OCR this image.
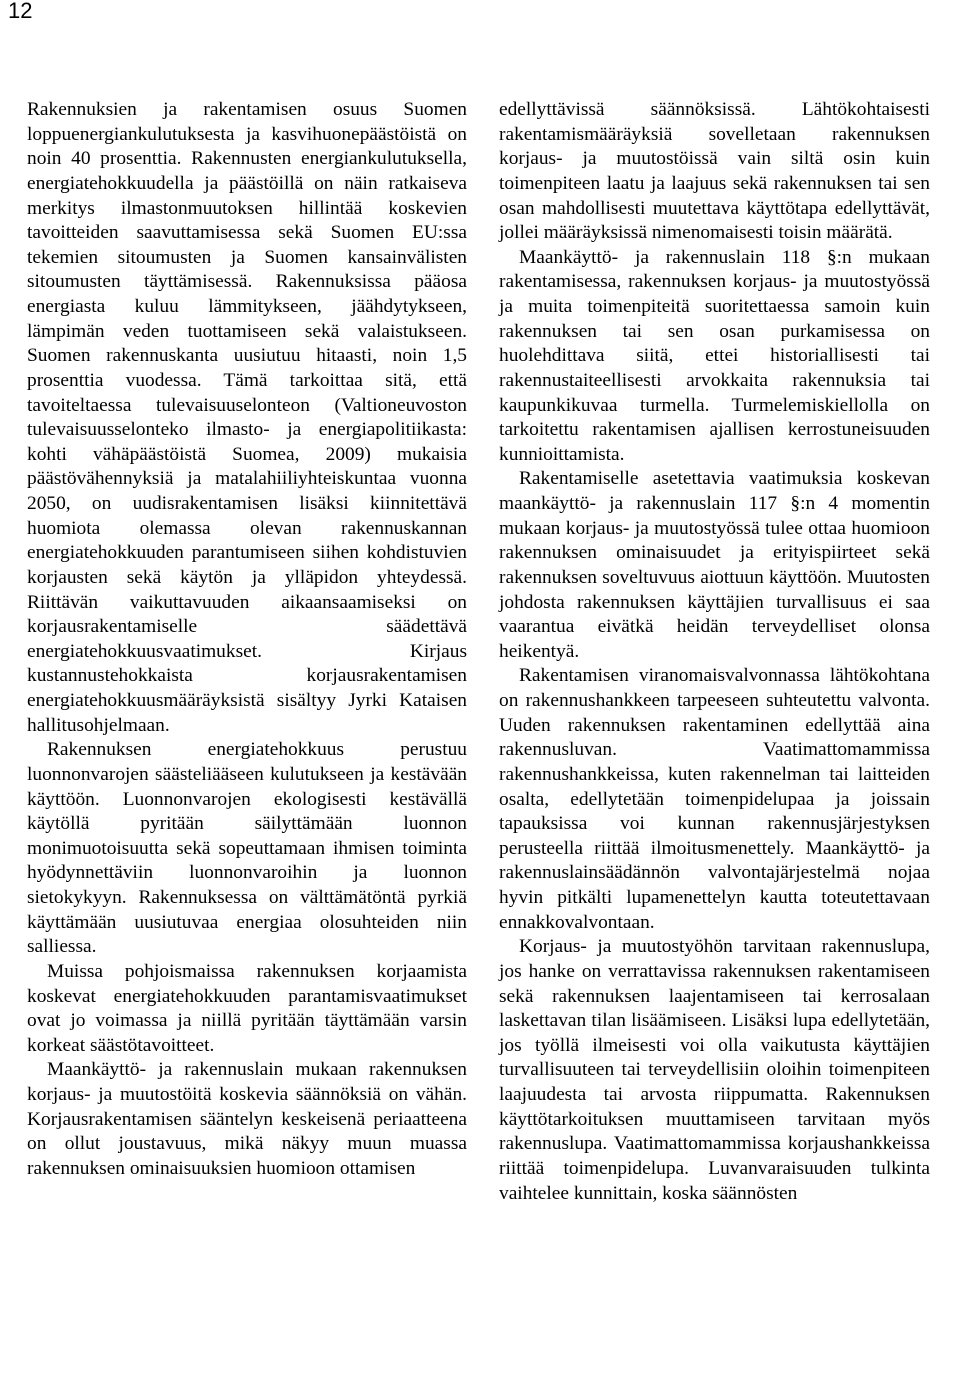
12

Rakennuksien ja rakentamisen osuus Suomen loppuenergiankulutuksesta ja kasvihuonepäästöistä on noin 40 prosenttia. Rakennusten energiankulutuksella, energiatehokkuudella ja päästöillä on näin ratkaiseva merkitys ilmastonmuutoksen hillintää koskevien tavoitteiden saavuttamisessa sekä Suomen EU:ssa tekemien sitoumusten ja Suomen kansainvälisten sitoumusten täyttämisessä. Rakennuksissa pääosa energiasta kuluu lämmitykseen, jäähdytykseen, lämpimän veden tuottamiseen sekä valaistukseen. Suomen rakennuskanta uusiutuu hitaasti, noin 1,5 prosenttia vuodessa. Tämä tarkoittaa sitä, että tavoiteltaessa tulevaisuuselonteon (Valtioneuvoston tulevaisuusselonteko ilmasto- ja energiapolitiikasta: kohti vähäpäästöistä Suomea, 2009) mukaisia päästövähennyksiä ja matalahiiliyhteiskuntaa vuonna 2050, on uudisrakentamisen lisäksi kiinnitettävä huomiota olemassa olevan rakennuskannan energiatehokkuuden parantumiseen siihen kohdistuvien korjausten sekä käytön ja ylläpidon yhteydessä. Riittävän vaikuttavuuden aikaansaamiseksi on korjausrakentamiselle säädettävä energiatehokkuusvaatimukset. Kirjaus kustannustehokkaista korjausrakentamisen energiatehokkuusmääräyksistä sisältyy Jyrki Kataisen hallitusohjelmaan.

Rakennuksen energiatehokkuus perustuu luonnonvarojen säästeliääseen kulutukseen ja kestävään käyttöön. Luonnonvarojen ekologisesti kestävällä käytöllä pyritään säilyttämään luonnon monimuotoisuutta sekä sopeuttamaan ihmisen toiminta hyödynnettäviin luonnonvaroihin ja luonnon sietokykyyn. Rakennuksessa on välttämätöntä pyrkiä käyttämään uusiutuvaa energiaa olosuhteiden niin salliessa.

Muissa pohjoismaissa rakennuksen korjaamista koskevat energiatehokkuuden parantamisvaatimukset ovat jo voimassa ja niillä pyritään täyttämään varsin korkeat säästötavoitteet.

Maankäyttö- ja rakennuslain mukaan rakennuksen korjaus- ja muutostöitä koskevia säännöksiä on vähän. Korjausrakentamisen sääntelyn keskeisenä periaatteena on ollut joustavuus, mikä näkyy muun muassa rakennuksen ominaisuuksien huomioon ottamisen

edellyttävissä säännöksissä. Lähtökohtaisesti rakentamismääräyksiä sovelletaan rakennuksen korjaus- ja muutostöissä vain siltä osin kuin toimenpiteen laatu ja laajuus sekä rakennuksen tai sen osan mahdollisesti muutettava käyttötapa edellyttävät, jollei määräyksissä nimenomaisesti toisin määrätä.

Maankäyttö- ja rakennuslain 118 §:n mukaan rakentamisessa, rakennuksen korjaus- ja muutostyössä ja muita toimenpiteitä suoritettaessa samoin kuin rakennuksen tai sen osan purkamisessa on huolehdittava siitä, ettei historiallisesti tai rakennustaiteellisesti arvokkaita rakennuksia tai kaupunkikuvaa turmella. Turmelemiskiellolla on tarkoitettu rakentamisen ajallisen kerrostuneisuuden kunnioittamista.

Rakentamiselle asetettavia vaatimuksia koskevan maankäyttö- ja rakennuslain 117 §:n 4 momentin mukaan korjaus- ja muutostyössä tulee ottaa huomioon rakennuksen ominaisuudet ja erityispiirteet sekä rakennuksen soveltuvuus aiottuun käyttöön. Muutosten johdosta rakennuksen käyttäjien turvallisuus ei saa vaarantua eivätkä heidän terveydelliset olonsa heikentyä.

Rakentamisen viranomaisvalvonnassa lähtökohtana on rakennushankkeen tarpeeseen suhteutettu valvonta. Uuden rakennuksen rakentaminen edellyttää aina rakennusluvan. Vaatimattomammissa rakennushankkeissa, kuten rakennelman tai laitteiden osalta, edellytetään toimenpidelupaa ja joissain tapauksissa voi kunnan rakennusjärjestyksen perusteella riittää ilmoitusmenettely. Maankäyttö- ja rakennuslainsäädännön valvontajärjestelmä nojaa hyvin pitkälti lupamenettelyn kautta toteutettavaan ennakkovalvontaan.

Korjaus- ja muutostyöhön tarvitaan rakennuslupa, jos hanke on verrattavissa rakennuksen rakentamiseen sekä rakennuksen laajentamiseen tai kerrosalaan laskettavan tilan lisäämiseen. Lisäksi lupa edellytetään, jos työllä ilmeisesti voi olla vaikutusta käyttäjien turvallisuuteen tai terveydellisiin oloihin toimenpiteen laajuudesta tai arvosta riippumatta. Rakennuksen käyttötarkoituksen muuttamiseen tarvitaan myös rakennuslupa. Vaatimattomammissa korjaushankkeissa riittää toimenpidelupa. Luvanvaraisuuden tulkinta vaihtelee kunnittain, koska säännösten
